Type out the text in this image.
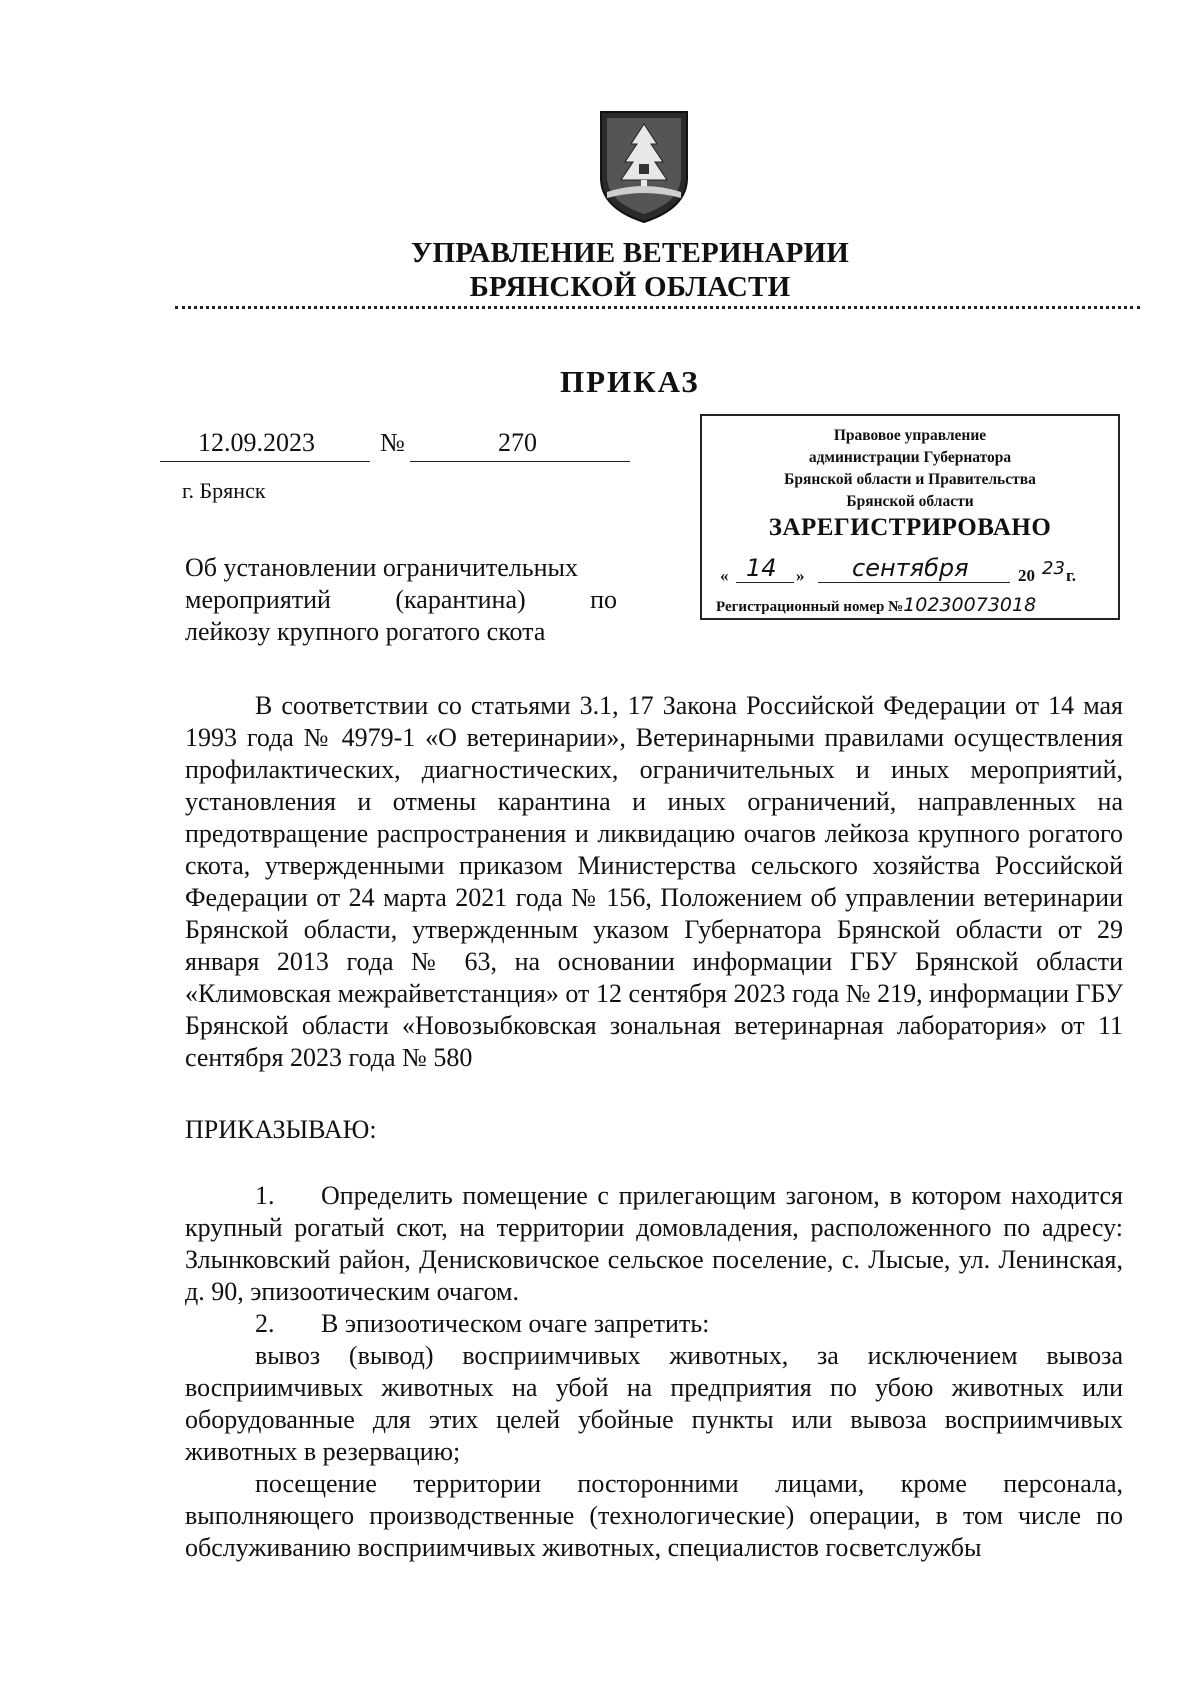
УПРАВЛЕНИЕ ВЕТЕРИНАРИИ
БРЯНСКОЙ ОБЛАСТИ
ПРИКАЗ
12.09.2023	№	270
г. Брянск
Об установлении ограничительных
мероприятий (карантина) по
лейкозу крупного рогатого скота
Правовое управление
администрации Губернатора
Брянской области и Правительства
Брянской области
ЗАРЕГИСТРИРОВАНО
« 14 » сентября	20 23 г.
Регистрационный номер №10230073018
В соответствии со статьями 3.1, 17 Закона Российской Федерации от 14 мая 1993 года № 4979-1 «О ветеринарии», Ветеринарными правилами осуществления профилактических, диагностических, ограничительных и иных мероприятий, установления и отмены карантина и иных ограничений, направленных на предотвращение распространения и ликвидацию очагов лейкоза крупного рогатого скота, утвержденными приказом Министерства сельского хозяйства Российской Федерации от 24 марта 2021 года № 156, Положением об управлении ветеринарии Брянской области, утвержденным указом Губернатора Брянской области от 29 января 2013 года № 63, на основании информации ГБУ Брянской области «Климовская межрайветстанция» от 12 сентября 2023 года № 219, информации ГБУ Брянской области «Новозыбковская зональная ветеринарная лаборатория» от 11 сентября 2023 года № 580
ПРИКАЗЫВАЮ:
1. Определить помещение с прилегающим загоном, в котором находится крупный рогатый скот, на территории домовладения, расположенного по адресу: Злынковский район, Денисковичское сельское поселение, с. Лысые, ул. Ленинская, д. 90, эпизоотическим очагом.
2. В эпизоотическом очаге запретить:
вывоз (вывод) восприимчивых животных, за исключением вывоза восприимчивых животных на убой на предприятия по убою животных или оборудованные для этих целей убойные пункты или вывоза восприимчивых животных в резервацию;
посещение территории посторонними лицами, кроме персонала, выполняющего производственные (технологические) операции, в том числе по обслуживанию восприимчивых животных, специалистов госветслужбы
